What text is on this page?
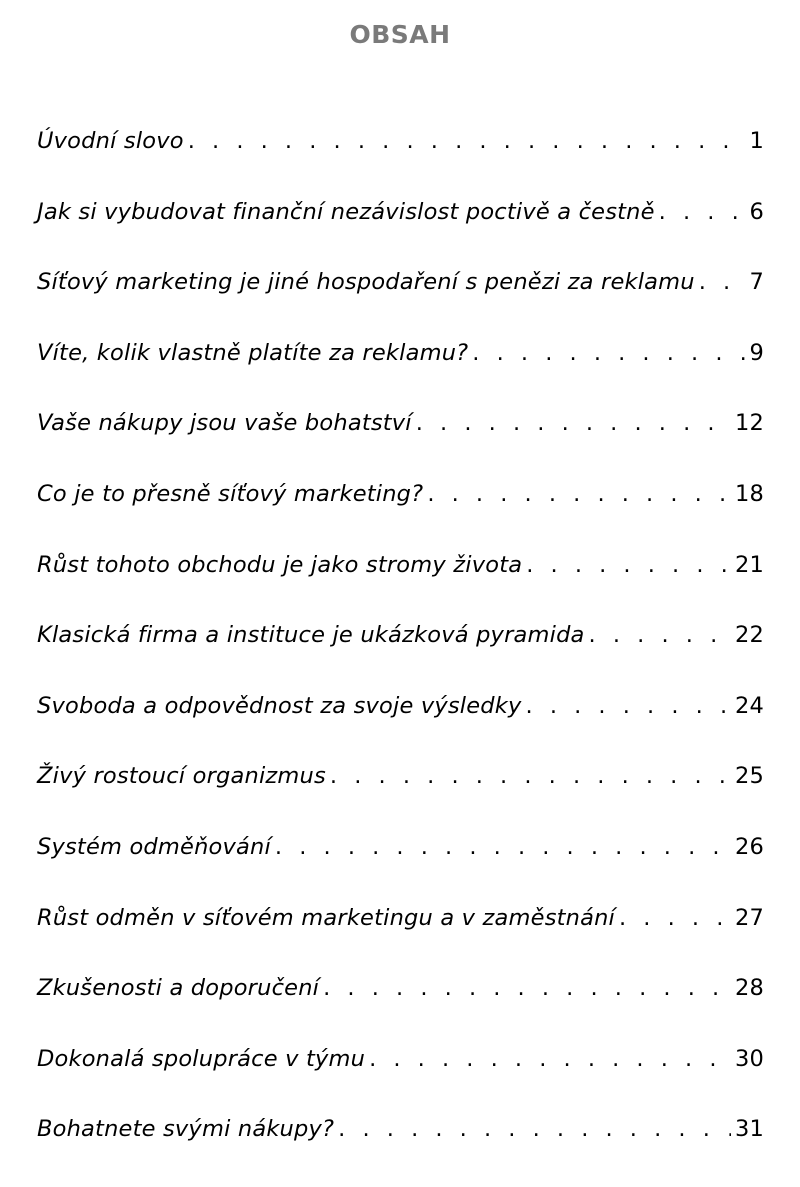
OBSAH
Úvodní slovo . . .	1
Jak si vybudovat finanční nezávislost poctivě a čestně . . .	6
Síťový marketing je jiné hospodaření s penězi za reklamu . . . 7
Víte, kolik vlastně platíte za reklamu? . . .	9
Vaše nákupy jsou vaše bohatství . . .	12
Co je to přesně síťový marketing? . . .	18
Růst tohoto obchodu je jako stromy života . . .	21
Klasická firma a instituce je ukázková pyramida . . .	22
Svoboda a odpovědnost za svoje výsledky . . .	24
Živý rostoucí organizmus . . .	25
Systém odměňování . . .	26
Růst odměn v síťovém marketingu a v zaměstnání . . .	27
Zkušenosti a doporučení . . .	28
Dokonalá spolupráce v týmu . . .	30
Bohatnete svými nákupy? . . .	31
